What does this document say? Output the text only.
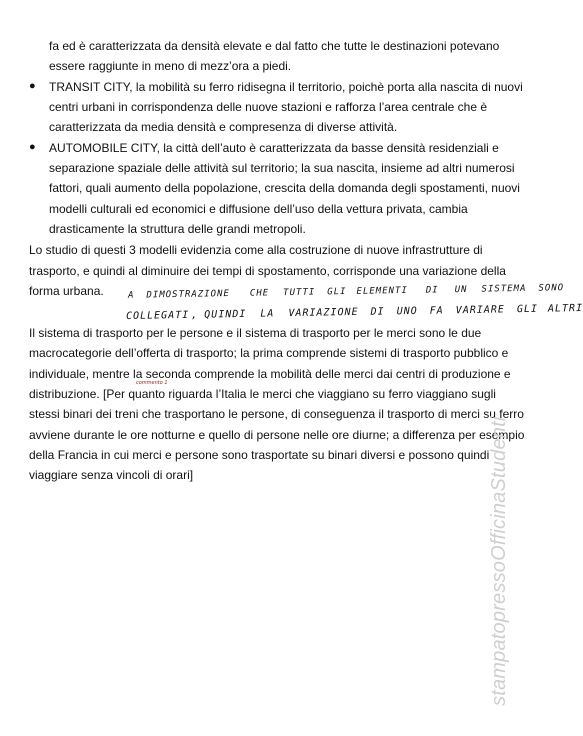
fa ed è caratterizzata da densità elevate e dal fatto che tutte le destinazioni potevano
essere raggiunte in meno di mezz’ora a piedi.
● TRANSIT CITY, la mobilità su ferro ridisegna il territorio, poichè porta alla nascita di nuovi
centri urbani in corrispondenza delle nuove stazioni e rafforza l’area centrale che è
caratterizzata da media densità e compresenza di diverse attività.
● AUTOMOBILE CITY, la città dell’auto è caratterizzata da basse densità residenziali e
separazione spaziale delle attività sul territorio; la sua nascita, insieme ad altri numerosi
fattori, quali aumento della popolazione, crescita della domanda degli spostamenti, nuovi
modelli culturali ed economici e diffusione dell’uso della vettura privata, cambia
drasticamente la struttura delle grandi metropoli.
Lo studio di questi 3 modelli evidenzia come alla costruzione di nuove infrastrutture di
trasporto, e quindi al diminuire dei tempi di spostamento, corrisponde una variazione della
forma urbana.	A DIMOSTRAZIONE CHE TUTTI GLI ELEMENTI DI UN SISTEMA SONO
COLLEGATI , QUINDI LA VARIAZIONE DI UNO FA VARIARE GLI ALTRI
Il sistema di trasporto per le persone e il sistema di trasporto per le merci sono le due
macrocategorie dell’offerta di trasporto; la prima comprende sistemi di trasporto pubblico e
individuale, mentre la seconda comprende la mobilità delle merci dai centri di produzione e
commento 1
distribuzione. [Per quanto riguarda l’Italia le merci che viaggiano su ferro viaggiano sugli
stessi binari dei treni che trasportano le persone, di conseguenza il trasporto di merci su ferro
avviene durante le ore notturne e quello di persone nelle ore diurne; a differenza per esempio
della Francia in cui merci e persone sono trasportate su binari diversi e possono quindi
viaggiare senza vincoli di orari]	stampatopressoOfficinaStudenti
